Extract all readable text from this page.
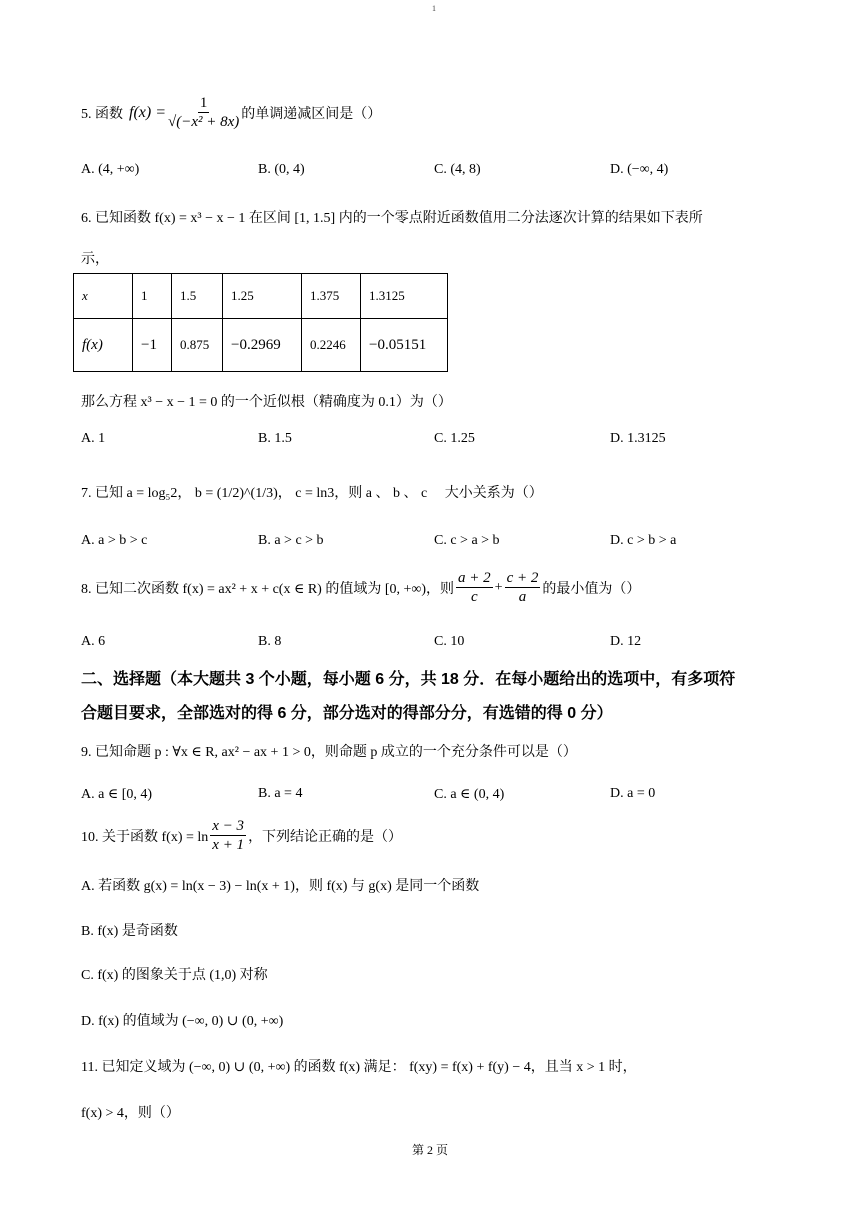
1
5. 函数 $f(x) = \frac{1}{\text{√(−x² + 8x)}}$ 的单调递减区间是（）
A. (4, +∞)	B. (0, 4)	C. (4, 8)	D. (−∞, 4)
6. 已知函数 f(x) = x³ − x − 1 在区间 [1, 1.5] 内的一个零点附近函数值用二分法逐次计算的结果如下表所
示，
x	1	1.5	1.25	1.375	1.3125
f(x)	−1	0.875	−0.2969	0.2246	−0.05151
那么方程 x³ − x − 1 = 0 的一个近似根（精确度为 0.1）为（）
A. 1	B. 1.5	C. 1.25	D. 1.3125
7. 已知 a = log₅2， b = (1/2)^(1/3)， c = ln3，则 a 、 b 、 c 　大小关系为（）
A. a > b > c	B. a > c > b	C. c > a > b	D. c > b > a
8. 已知二次函数 f(x) = ax² + x + c(x ∈ R) 的值域为 [0, +∞)，则 $\frac{a + 2}{c} + \frac{c + 2}{a}$ 的最小值为（）
A. 6	B. 8	C. 10	D. 12
二、选择题（本大题共 3 个小题，每小题 6 分，共 18 分．在每小题给出的选项中，有多项符
合题目要求，全部选对的得 6 分，部分选对的得部分分，有选错的得 0 分）
9. 已知命题 p : ∀x ∈ R, ax² − ax + 1 > 0，则命题 p 成立的一个充分条件可以是（）
A. a ∈ [0, 4)	B. a = 4	C. a ∈ (0, 4)	D. a = 0
10. 关于函数 $f(x) = \ln \frac{x - 3}{x + 1}$ ，下列结论正确的是（）
A. 若函数 g(x) = ln(x − 3) − ln(x + 1)，则 f(x) 与 g(x) 是同一个函数
B. f(x) 是奇函数
C. f(x) 的图象关于点 (1,0) 对称
D. f(x) 的值域为 (−∞, 0) ∪ (0, +∞)
11. 已知定义域为 (−∞, 0) ∪ (0, +∞) 的函数 f(x) 满足： f(xy) = f(x) + f(y) − 4，且当 x > 1 时，
f(x) > 4，则（）
第 2 页
